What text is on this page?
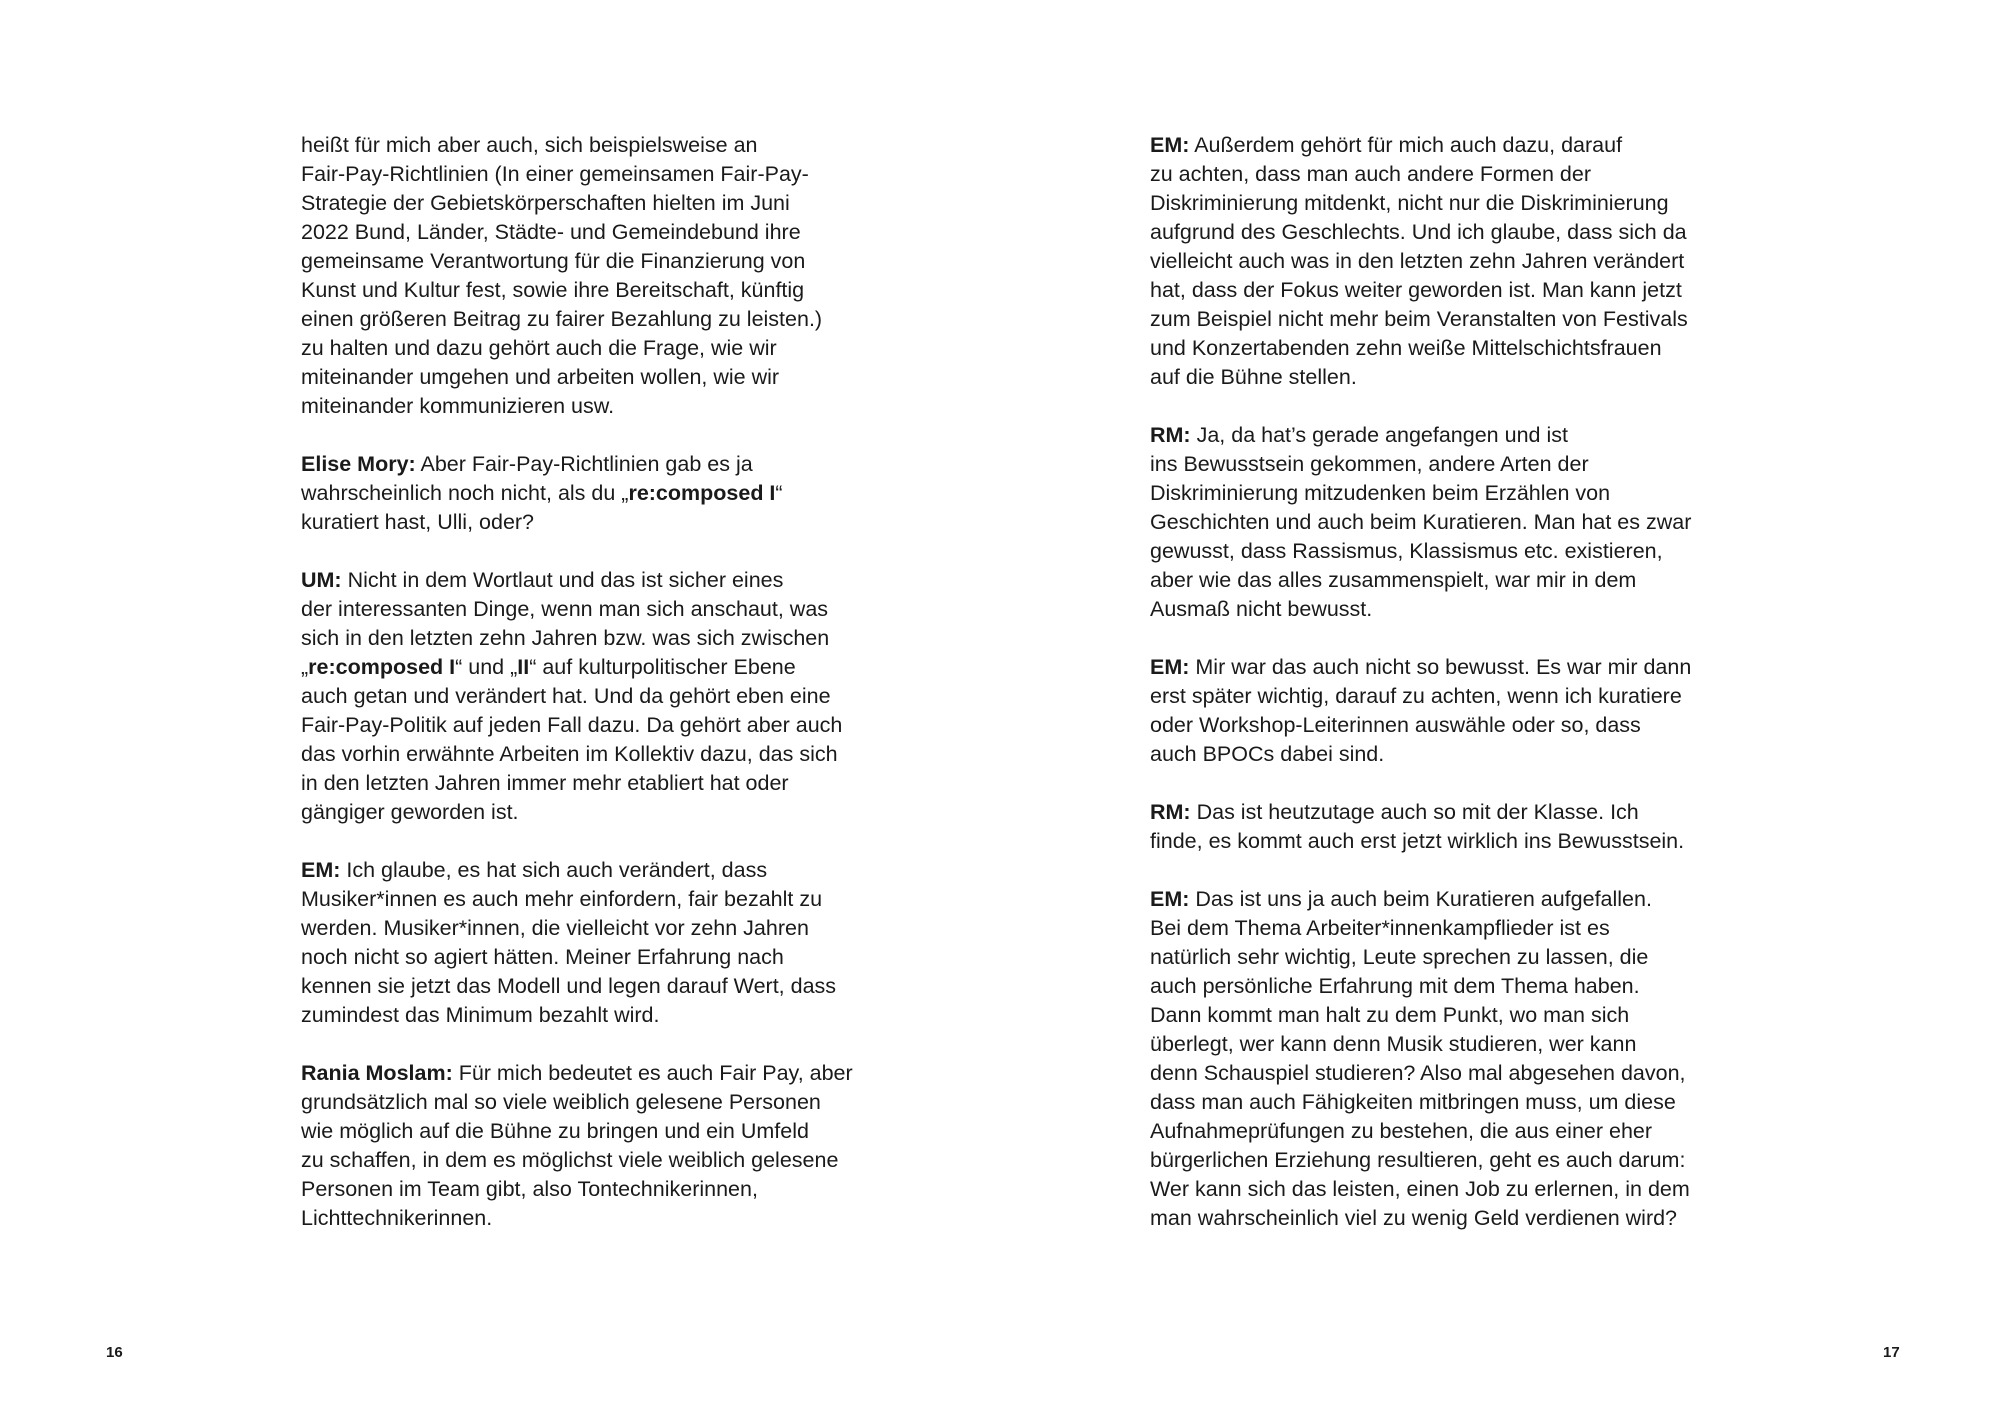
heißt für mich aber auch, sich beispielsweise an
Fair-Pay-Richtlinien (In einer gemeinsamen Fair-Pay-
Strategie der Gebietskörperschaften hielten im Juni
2022 Bund, Länder, Städte- und Gemeindebund ihre
gemeinsame Verantwortung für die Finanzierung von
Kunst und Kultur fest, sowie ihre Bereitschaft, künftig
einen größeren Beitrag zu fairer Bezahlung zu leisten.)
zu halten und dazu gehört auch die Frage, wie wir
miteinander umgehen und arbeiten wollen, wie wir
miteinander kommunizieren usw.

Elise Mory: Aber Fair-Pay-Richtlinien gab es ja
wahrscheinlich noch nicht, als du „re:composed I“
kuratiert hast, Ulli, oder?

UM: Nicht in dem Wortlaut und das ist sicher eines
der interessanten Dinge, wenn man sich anschaut, was
sich in den letzten zehn Jahren bzw. was sich zwischen
„re:composed I“ und „II“ auf kulturpolitischer Ebene
auch getan und verändert hat. Und da gehört eben eine
Fair-Pay-Politik auf jeden Fall dazu. Da gehört aber auch
das vorhin erwähnte Arbeiten im Kollektiv dazu, das sich
in den letzten Jahren immer mehr etabliert hat oder
gängiger geworden ist.

EM: Ich glaube, es hat sich auch verändert, dass
Musiker*innen es auch mehr einfordern, fair bezahlt zu
werden. Musiker*innen, die vielleicht vor zehn Jahren
noch nicht so agiert hätten. Meiner Erfahrung nach
kennen sie jetzt das Modell und legen darauf Wert, dass
zumindest das Minimum bezahlt wird.

Rania Moslam: Für mich bedeutet es auch Fair Pay, aber
grundsätzlich mal so viele weiblich gelesene Personen
wie möglich auf die Bühne zu bringen und ein Umfeld
zu schaffen, in dem es möglichst viele weiblich gelesene
Personen im Team gibt, also Tontechnikerinnen,
Lichttechnikerinnen.

16

EM: Außerdem gehört für mich auch dazu, darauf
zu achten, dass man auch andere Formen der
Diskriminierung mitdenkt, nicht nur die Diskriminierung
aufgrund des Geschlechts. Und ich glaube, dass sich da
vielleicht auch was in den letzten zehn Jahren verändert
hat, dass der Fokus weiter geworden ist. Man kann jetzt
zum Beispiel nicht mehr beim Veranstalten von Festivals
und Konzertabenden zehn weiße Mittelschichtsfrauen
auf die Bühne stellen.

RM: Ja, da hat’s gerade angefangen und ist
ins Bewusstsein gekommen, andere Arten der
Diskriminierung mitzudenken beim Erzählen von
Geschichten und auch beim Kuratieren. Man hat es zwar
gewusst, dass Rassismus, Klassismus etc. existieren,
aber wie das alles zusammenspielt, war mir in dem
Ausmaß nicht bewusst.

EM: Mir war das auch nicht so bewusst. Es war mir dann
erst später wichtig, darauf zu achten, wenn ich kuratiere
oder Workshop-Leiterinnen auswähle oder so, dass
auch BPOCs dabei sind.

RM: Das ist heutzutage auch so mit der Klasse. Ich
finde, es kommt auch erst jetzt wirklich ins Bewusstsein.

EM: Das ist uns ja auch beim Kuratieren aufgefallen.
Bei dem Thema Arbeiter*innenkampflieder ist es
natürlich sehr wichtig, Leute sprechen zu lassen, die
auch persönliche Erfahrung mit dem Thema haben.
Dann kommt man halt zu dem Punkt, wo man sich
überlegt, wer kann denn Musik studieren, wer kann
denn Schauspiel studieren? Also mal abgesehen davon,
dass man auch Fähigkeiten mitbringen muss, um diese
Aufnahmeprüfungen zu bestehen, die aus einer eher
bürgerlichen Erziehung resultieren, geht es auch darum:
Wer kann sich das leisten, einen Job zu erlernen, in dem
man wahrscheinlich viel zu wenig Geld verdienen wird?

17
